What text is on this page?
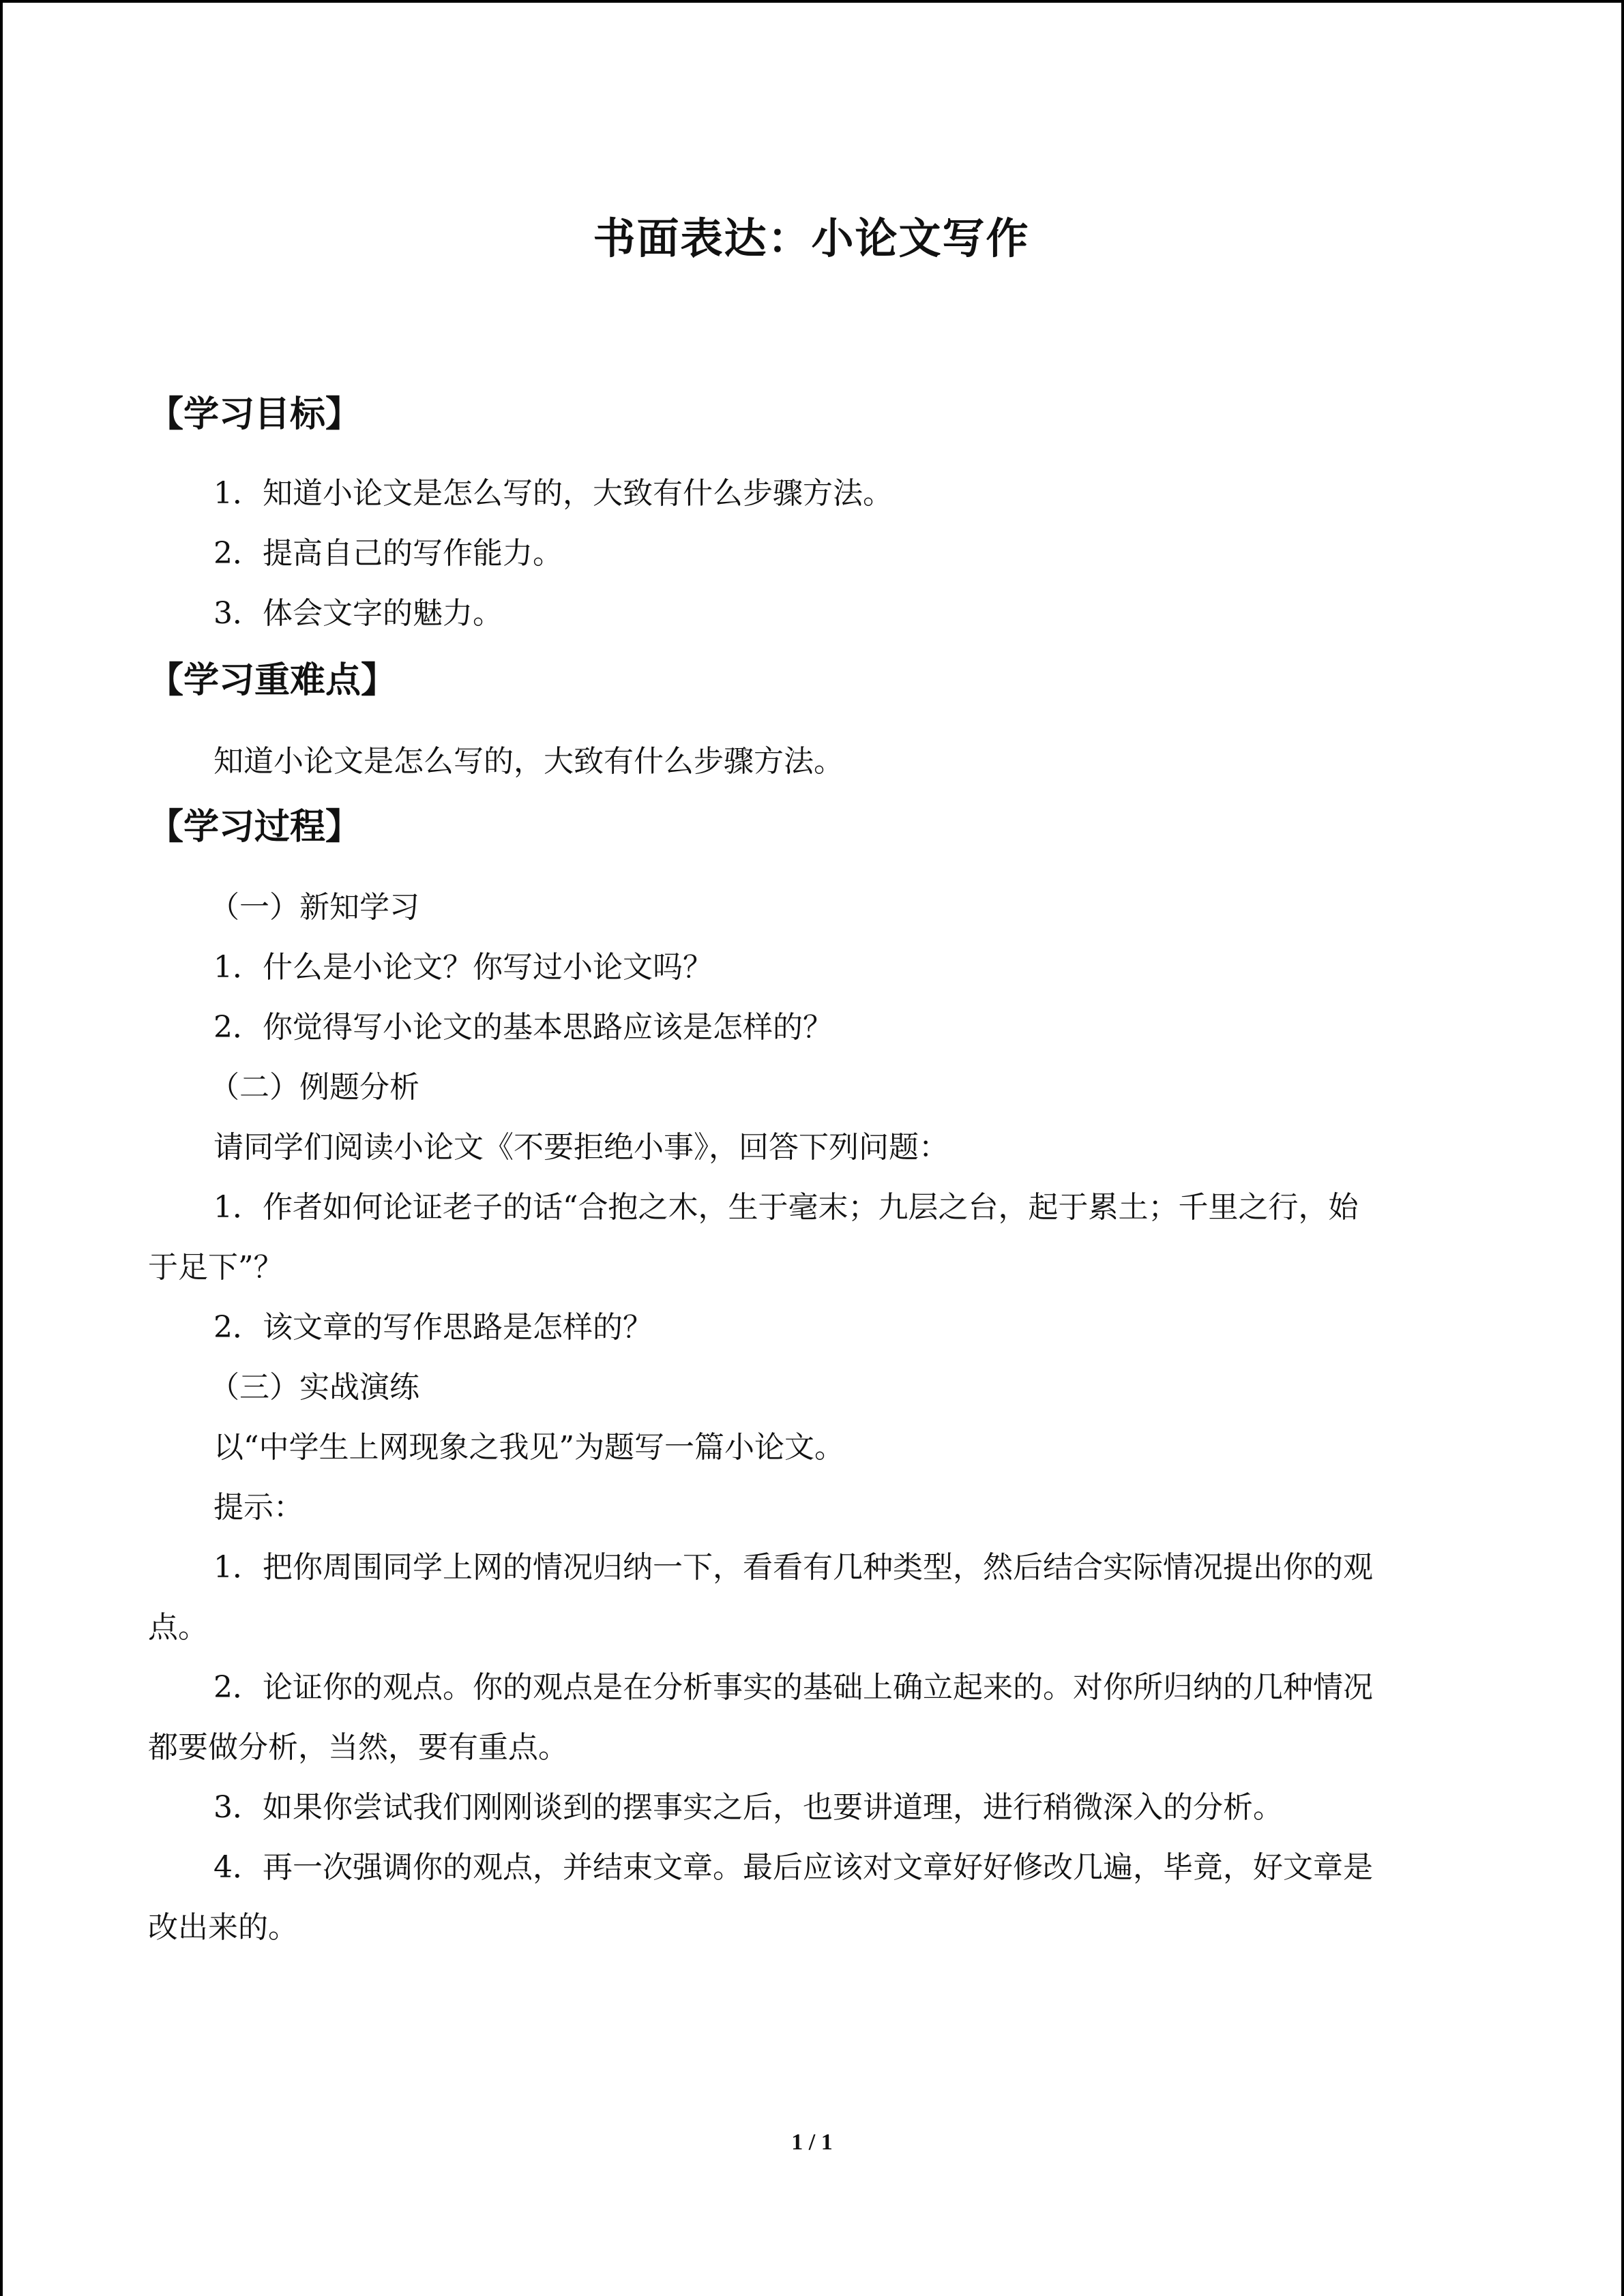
书面表达：小论文写作
【学习目标】
1．知道小论文是怎么写的，大致有什么步骤方法。
2．提高自己的写作能力。
3．体会文字的魅力。
【学习重难点】
知道小论文是怎么写的，大致有什么步骤方法。
【学习过程】
（一）新知学习
1．什么是小论文？你写过小论文吗？
2．你觉得写小论文的基本思路应该是怎样的？
（二）例题分析
请同学们阅读小论文《不要拒绝小事》，回答下列问题：
1．作者如何论证老子的话“合抱之木，生于毫末；九层之台，起于累土；千里之行，始
于足下”？
2．该文章的写作思路是怎样的？
（三）实战演练
以“中学生上网现象之我见”为题写一篇小论文。
提示：
1．把你周围同学上网的情况归纳一下，看看有几种类型，然后结合实际情况提出你的观
点。
2．论证你的观点。你的观点是在分析事实的基础上确立起来的。对你所归纳的几种情况
都要做分析，当然，要有重点。
3．如果你尝试我们刚刚谈到的摆事实之后，也要讲道理，进行稍微深入的分析。
4．再一次强调你的观点，并结束文章。最后应该对文章好好修改几遍，毕竟，好文章是
改出来的。
1 / 1
